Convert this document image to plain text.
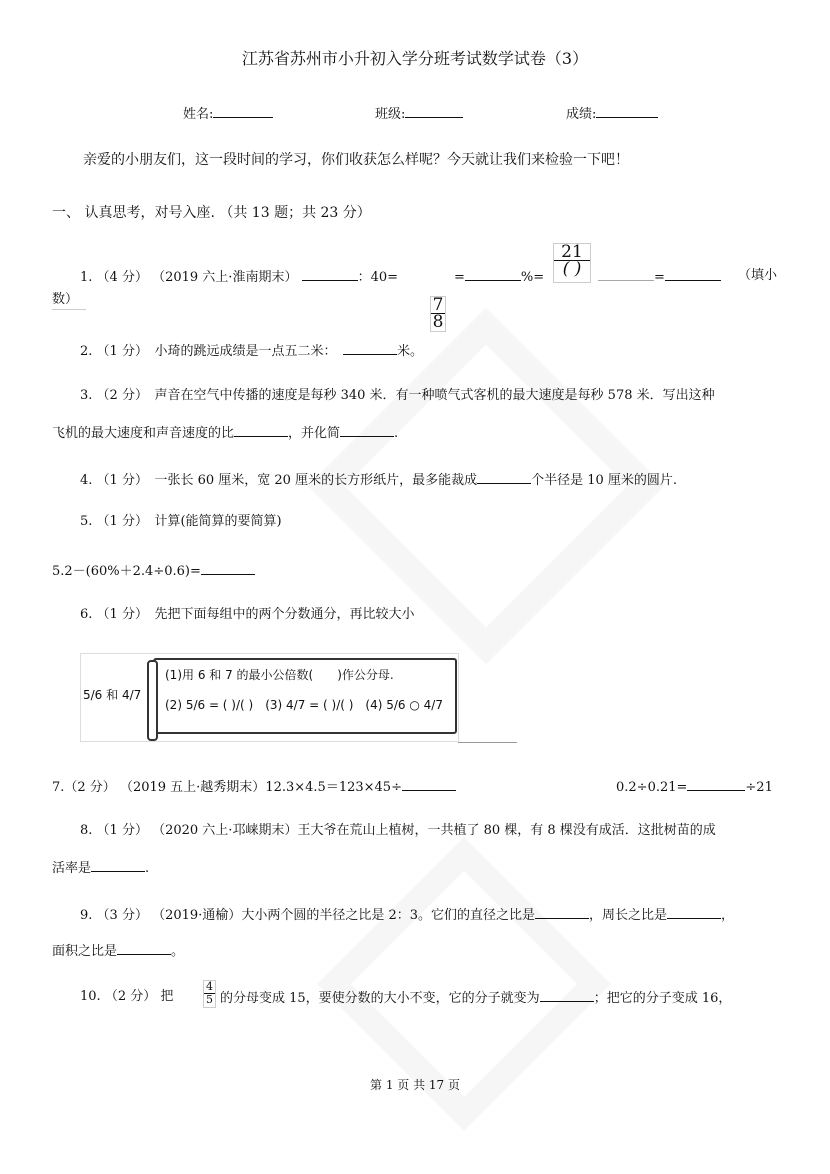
江苏省苏州市小升初入学分班考试数学试卷（3）
姓名:	班级:	成绩:
亲爱的小朋友们，这一段时间的学习，你们收获怎么样呢？今天就让我们来检验一下吧！
一、 认真思考，对号入座. （共 13 题；共 23 分）
1. （4 分） （2019 六上·淮南期末）	：40=	=	%=
21
( )	=	（填小
数）	$\frac{7}{8}$
2. （1 分）　 小琦的跳远成绩是一点五二米：　	米。
3. （2 分）　 声音在空气中传播的速度是每秒 340 米．有一种喷气式客机的最大速度是每秒 578 米．写出这种
飞机的最大速度和声音速度的比	，并化简	.
4. （1 分）　 一张长 60 厘米，宽 20 厘米的长方形纸片，最多能裁成	个半径是 10 厘米的圆片.
5. （1 分）　 计算(能简算的要简算)
5.2－(60%＋2.4÷0.6)=
6. （1 分）　 先把下面每组中的两个分数通分，再比较大小
5/6 和 4/7
(1)用 6 和 7 的最小公倍数(　　)作公分母.
(2) 5/6 = ( )/( )　(3) 4/7 = ( )/( )　(4) 5/6 ○ 4/7
7.（2 分） （2019 五上·越秀期末）12.3×4.5＝123×45÷	0.2÷0.21=	÷21
8. （1 分） （2020 六上·邛崃期末）王大爷在荒山上植树，一共植了 80 棵，有 8 棵没有成活．这批树苗的成
活率是	.
9. （3 分） （2019·通榆）大小两个圆的半径之比是 2：3。它们的直径之比是	，周长之比是	，
面积之比是	。
10. （2 分） 把	$\frac{4}{5}$ 的分母变成 15，要使分数的大小不变，它的分子就变为	；把它的分子变成 16，
第 1 页 共 17 页
